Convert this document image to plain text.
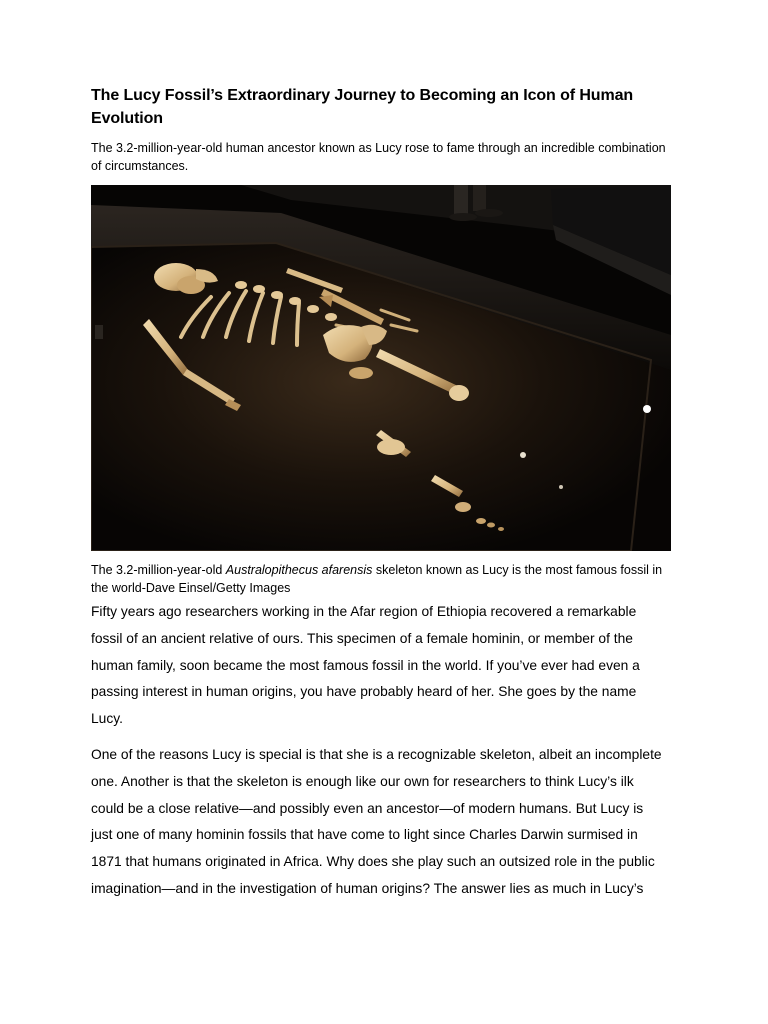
The Lucy Fossil’s Extraordinary Journey to Becoming an Icon of Human Evolution

The 3.2-million-year-old human ancestor known as Lucy rose to fame through an incredible combination of circumstances.

The 3.2-million-year-old Australopithecus afarensis skeleton known as Lucy is the most famous fossil in the world-Dave Einsel/Getty Images

Fifty years ago researchers working in the Afar region of Ethiopia recovered a remarkable
fossil of an ancient relative of ours. This specimen of a female hominin, or member of the
human family, soon became the most famous fossil in the world. If you’ve ever had even a
passing interest in human origins, you have probably heard of her. She goes by the name
Lucy.

One of the reasons Lucy is special is that she is a recognizable skeleton, albeit an incomplete
one. Another is that the skeleton is enough like our own for researchers to think Lucy’s ilk
could be a close relative—and possibly even an ancestor—of modern humans. But Lucy is
just one of many hominin fossils that have come to light since Charles Darwin surmised in
1871 that humans originated in Africa. Why does she play such an outsized role in the public
imagination—and in the investigation of human origins? The answer lies as much in Lucy’s
